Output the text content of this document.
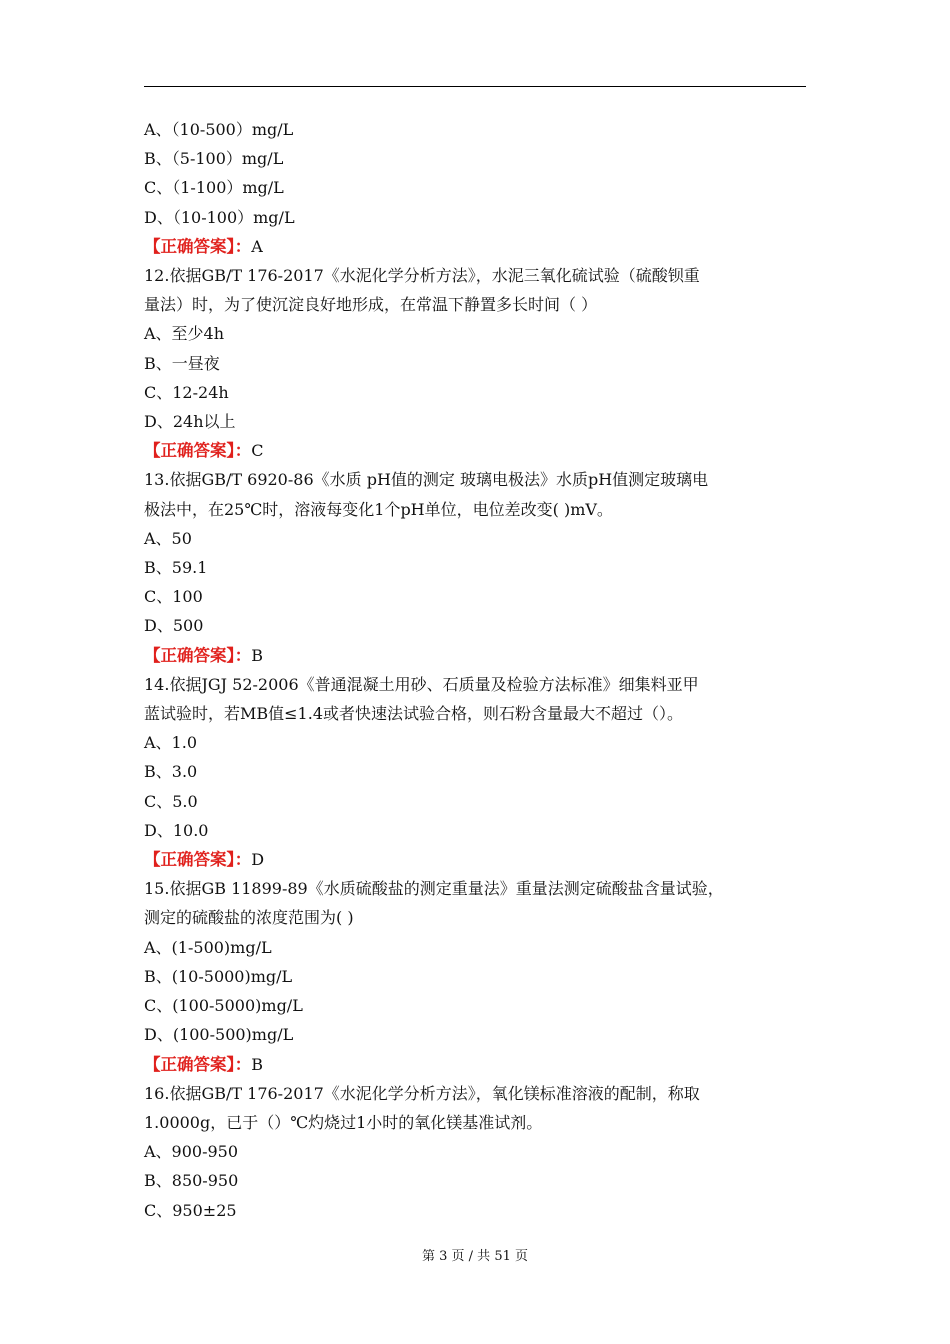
A、（10-500）mg/L
B、（5-100）mg/L
C、（1-100）mg/L
D、（10-100）mg/L
【正确答案】：A
12.依据GB/T 176-2017《水泥化学分析方法》，水泥三氧化硫试验（硫酸钡重
量法）时，为了使沉淀良好地形成，在常温下静置多长时间（ ）
A、至少4h
B、一昼夜
C、12-24h
D、24h以上
【正确答案】：C
13.依据GB/T 6920-86《水质 pH值的测定 玻璃电极法》水质pH值测定玻璃电
极法中，在25℃时，溶液每变化1个pH单位，电位差改变( )mV。
A、50
B、59.1
C、100
D、500
【正确答案】：B
14.依据JGJ 52-2006《普通混凝土用砂、石质量及检验方法标准》细集料亚甲
蓝试验时，若MB值≤1.4或者快速法试验合格，则石粉含量最大不超过（）。
A、1.0
B、3.0
C、5.0
D、10.0
【正确答案】：D
15.依据GB 11899-89《水质硫酸盐的测定重量法》重量法测定硫酸盐含量试验，
测定的硫酸盐的浓度范围为( )
A、(1-500)mg/L
B、(10-5000)mg/L
C、(100-5000)mg/L
D、(100-500)mg/L
【正确答案】：B
16.依据GB/T 176-2017《水泥化学分析方法》，氧化镁标准溶液的配制，称取
1.0000g，已于（）℃灼烧过1小时的氧化镁基准试剂。
A、900-950
B、850-950
C、950±25
第 3 页 / 共 51 页
